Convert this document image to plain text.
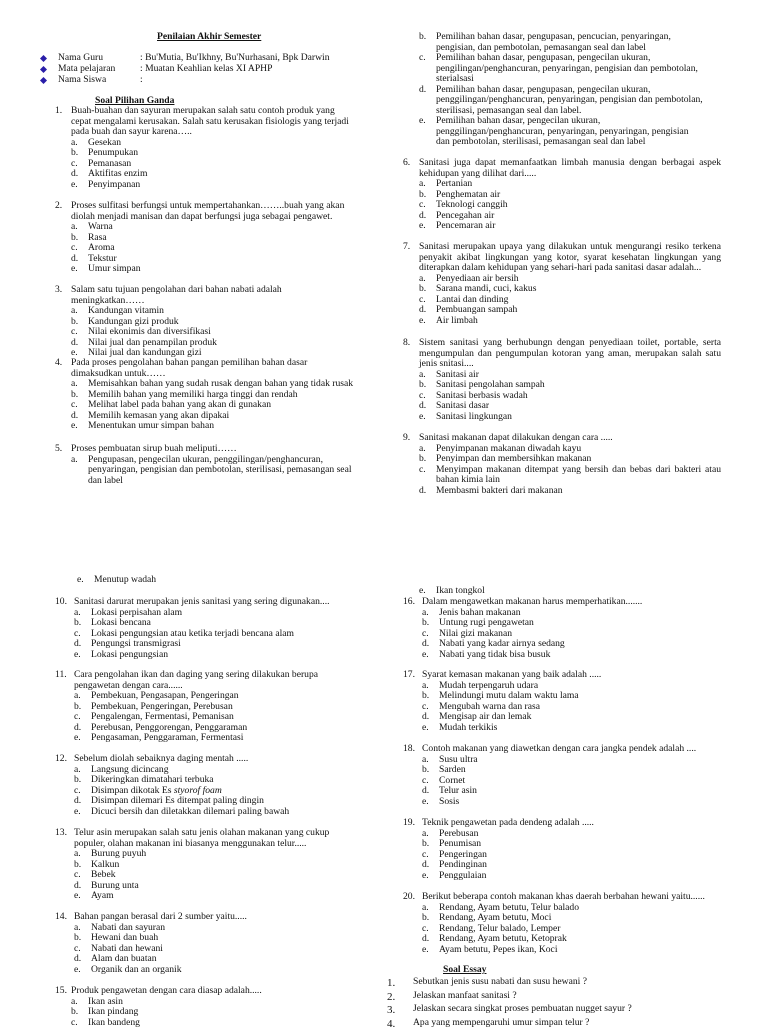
Penilaian Akhir Semester
Nama Guru	: Bu'Mutia, Bu'Ikhny, Bu'Nurhasani, Bpk Darwin
Mata pelajaran	: Muatan Keahlian kelas XI APHP
Nama Siswa	:
Soal Pilihan Ganda
1. Buah-buahan dan sayuran merupakan salah satu contoh produk yang cepat mengalami kerusakan. Salah satu kerusakan fisiologis yang terjadi pada buah dan sayur karena…..
a. Gesekan
b. Penumpukan
c. Pemanasan
d. Aktifitas enzim
e. Penyimpanan
2. Proses sulfitasi berfungsi untuk mempertahankan……..buah yang akan diolah menjadi manisan dan dapat berfungsi juga sebagai pengawet.
a. Warna
b. Rasa
c. Aroma
d. Tekstur
e. Umur simpan
3. Salam satu tujuan pengolahan dari bahan nabati adalah meningkatkan……
a. Kandungan vitamin
b. Kandungan gizi produk
c. Nilai ekonimis dan diversifikasi
d. Nilai jual dan penampilan produk
e. Nilai jual dan kandungan gizi
4. Pada proses pengolahan bahan pangan pemilihan bahan dasar dimaksudkan untuk……
a. Memisahkan bahan yang sudah rusak dengan bahan yang tidak rusak
b. Memilih bahan yang memiliki harga tinggi dan rendah
c. Melihat label pada bahan yang akan di gunakan
d. Memilih kemasan yang akan dipakai
e. Menentukan umur simpan bahan
5. Proses pembuatan sirup buah meliputi……
a. Pengupasan, pengecilan ukuran, penggilingan/penghancuran, penyaringan, pengisian dan pembotolan, sterilisasi, pemasangan seal dan label
b. Pemilihan bahan dasar, pengupasan, pencucian, penyaringan, pengisian, dan pembotolan, pemasangan seal dan label
c. Pemilihan bahan dasar, pengupasan, pengecilan ukuran, pengilingan/penghancuran, penyaringan, pengisian dan pembotolan, sterialsasi
d. Pemilihan bahan dasar, pengupasan, pengecilan ukuran, penggilingan/penghancuran, penyaringan, pengisian dan pembotolan, sterilisasi, pemasangan seal dan label.
e. Pemilihan bahan dasar, pengecilan ukuran, penggilingan/penghancuran, penyaringan, penyaringan, pengisian dan pembotolan, sterilisasi, pemasangan seal dan label
6. Sanitasi juga dapat memanfaatkan limbah manusia dengan berbagai aspek kehidupan yang dilihat dari.....
a. Pertanian
b. Penghematan air
c. Teknologi canggih
d. Pencegahan air
e. Pencemaran air
7. Sanitasi merupakan upaya yang dilakukan untuk mengurangi resiko terkena penyakit akibat lingkungan yang kotor, syarat kesehatan lingkungan yang diterapkan dalam kehidupan yang sehari-hari pada sanitasi dasar adalah...
a. Penyediaan air bersih
b. Sarana mandi, cuci, kakus
c. Lantai dan dinding
d. Pembuangan sampah
e. Air limbah
8. Sistem sanitasi yang berhubungn dengan penyediaan toilet, portable, serta mengumpulan dan pengumpulan kotoran yang aman, merupakan salah satu jenis snitasi....
a. Sanitasi air
b. Sanitasi pengolahan sampah
c. Sanitasi berbasis wadah
d. Sanitasi dasar
e. Sanitasi lingkungan
9. Sanitasi makanan dapat dilakukan dengan cara .....
a. Penyimpanan makanan diwadah kayu
b. Penyimpan dan membersihkan makanan
c. Menyimpan makanan ditempat yang bersih dan bebas dari bakteri atau bahan kimia lain
d. Membasmi bakteri dari makanan
e. Menutup wadah
e. Ikan tongkol
10. Sanitasi darurat merupakan jenis sanitasi yang sering digunakan....
a. Lokasi perpisahan alam
b. Lokasi bencana
c. Lokasi pengungsian atau ketika terjadi bencana alam
d. Pengungsi transmigrasi
e. Lokasi pengungsian
11. Cara pengolahan ikan dan daging yang sering dilakukan berupa pengawetan dengan cara......
a. Pembekuan, Pengasapan, Pengeringan
b. Pembekuan, Pengeringan, Perebusan
c. Pengalengan, Fermentasi, Pemanisan
d. Perebusan, Penggorengan, Penggaraman
e. Pengasaman, Penggaraman, Fermentasi
12. Sebelum diolah sebaiknya daging mentah .....
a. Langsung dicincang
b. Dikeringkan dimatahari terbuka
c. Disimpan dikotak Es styorof foam
d. Disimpan dilemari Es ditempat paling dingin
e. Dicuci bersih dan diletakkan dilemari paling bawah
13. Telur asin merupakan salah satu jenis olahan makanan yang cukup populer, olahan makanan ini biasanya menggunakan telur.....
a. Burung puyuh
b. Kalkun
c. Bebek
d. Burung unta
e. Ayam
14. Bahan pangan berasal dari 2 sumber yaitu.....
a. Nabati dan sayuran
b. Hewani dan buah
c. Nabati dan hewani
d. Alam dan buatan
e. Organik dan an organik
15. Produk pengawetan dengan cara diasap adalah.....
a. Ikan asin
b. Ikan pindang
c. Ikan bandeng
16. Dalam mengawetkan makanan harus memperhatikan.......
a. Jenis bahan makanan
b. Untung rugi pengawetan
c. Nilai gizi makanan
d. Nabati yang kadar airnya sedang
e. Nabati yang tidak bisa busuk
17. Syarat kemasan makanan yang baik adalah .....
a. Mudah terpengaruh udara
b. Melindungi mutu dalam waktu lama
c. Mengubah warna dan rasa
d. Mengisap air dan lemak
e. Mudah terkikis
18. Contoh makanan yang diawetkan dengan cara jangka pendek adalah ....
a. Susu ultra
b. Sarden
c. Cornet
d. Telur asin
e. Sosis
19. Teknik pengawetan pada dendeng adalah .....
a. Perebusan
b. Penumisan
c. Pengeringan
d. Pendinginan
e. Penggulaian
20. Berikut beberapa contoh makanan khas daerah berbahan hewani yaitu......
a. Rendang, Ayam betutu, Telur balado
b. Rendang, Ayam betutu, Moci
c. Rendang, Telur balado, Lemper
d. Rendang, Ayam betutu, Ketoprak
e. Ayam betutu, Pepes ikan, Koci
Soal Essay
1. Sebutkan jenis susu nabati dan susu hewani ?
2. Jelaskan manfaat sanitasi ?
3. Jelaskan secara singkat proses pembuatan nugget sayur ?
4. Apa yang mempengaruhi umur simpan telur ?
